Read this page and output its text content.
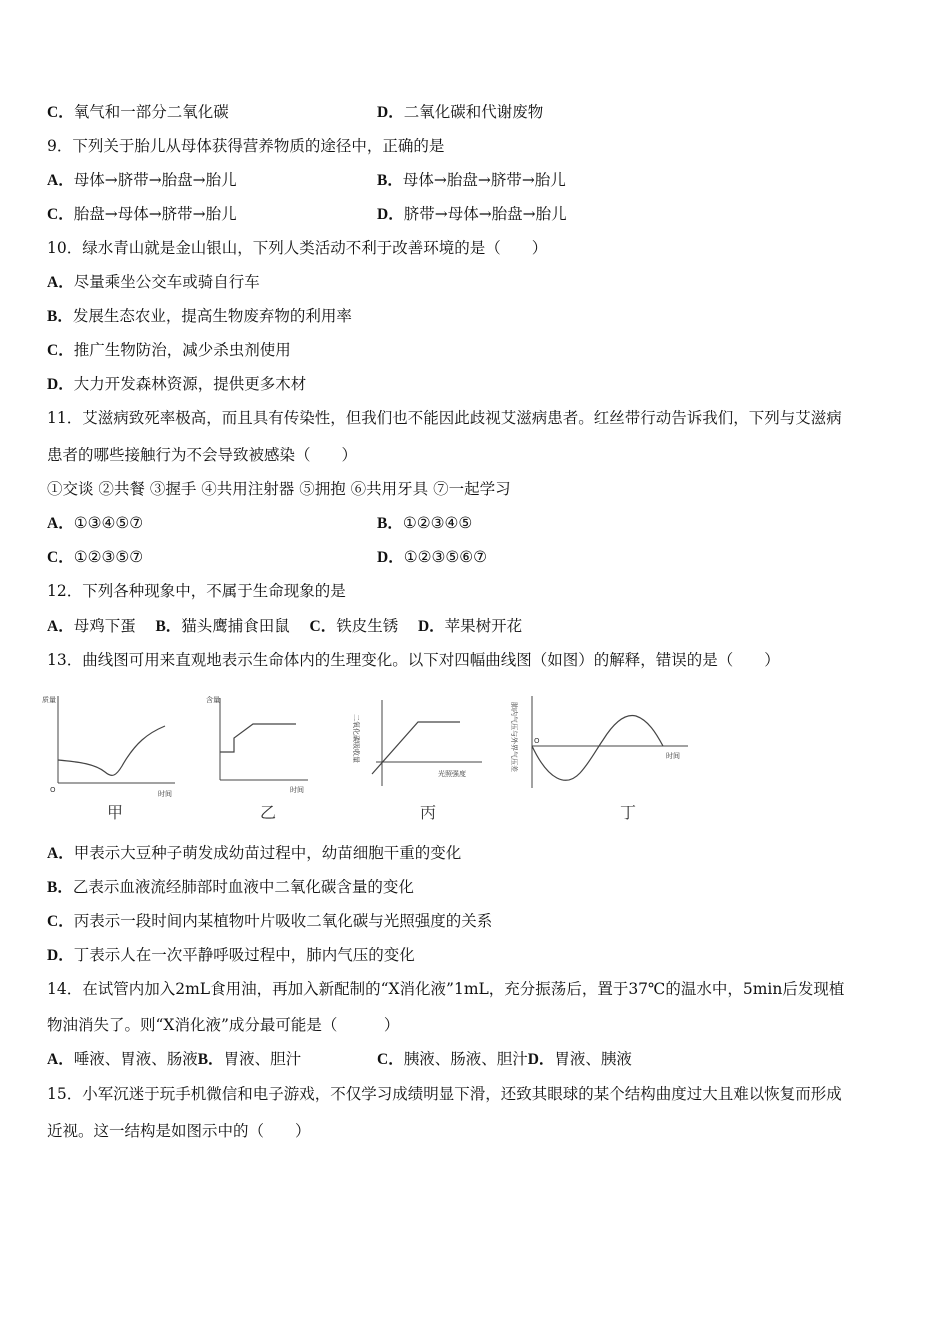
C．氧气和一部分二氧化碳	D．二氧化碳和代谢废物
9．下列关于胎儿从母体获得营养物质的途径中，正确的是
A．母体→脐带→胎盘→胎儿	B．母体→胎盘→脐带→胎儿
C．胎盘→母体→脐带→胎儿	D．脐带→母体→胎盘→胎儿
10．绿水青山就是金山银山，下列人类活动不利于改善环境的是（　　）
A．尽量乘坐公交车或骑自行车
B．发展生态农业，提高生物废弃物的利用率
C．推广生物防治，减少杀虫剂使用
D．大力开发森林资源，提供更多木材
11．艾滋病致死率极高，而且具有传染性，但我们也不能因此歧视艾滋病患者。红丝带行动告诉我们，下列与艾滋病
患者的哪些接触行为不会导致被感染（　　）
①交谈 ②共餐 ③握手 ④共用注射器 ⑤拥抱 ⑥共用牙具 ⑦一起学习
A．①③④⑤⑦	B．①②③④⑤
C．①②③⑤⑦	D．①②③⑤⑥⑦
12．下列各种现象中，不属于生命现象的是
A．母鸡下蛋 B．猫头鹰捕食田鼠 C．铁皮生锈 D．苹果树开花
13．曲线图可用来直观地表示生命体内的生理变化。以下对四幅曲线图（如图）的解释，错误的是（　　）
质量
时间
O
甲
含量
时间
乙
二氧化碳吸收量
光照强度
丙
肺内气压与外界气压差	时间
O
丁
A．甲表示大豆种子萌发成幼苗过程中，幼苗细胞干重的变化
B．乙表示血液流经肺部时血液中二氧化碳含量的变化
C．丙表示一段时间内某植物叶片吸收二氧化碳与光照强度的关系
D．丁表示人在一次平静呼吸过程中，肺内气压的变化
14．在试管内加入2mL食用油，再加入新配制的“X消化液”1mL，充分振荡后，置于37℃的温水中，5min后发现植
物油消失了。则“X消化液”成分最可能是（　　　）
A．唾液、胃液、肠液B．胃液、胆汁	C．胰液、肠液、胆汁D．胃液、胰液
15．小军沉迷于玩手机微信和电子游戏，不仅学习成绩明显下滑，还致其眼球的某个结构曲度过大且难以恢复而形成
近视。这一结构是如图示中的（　　）
